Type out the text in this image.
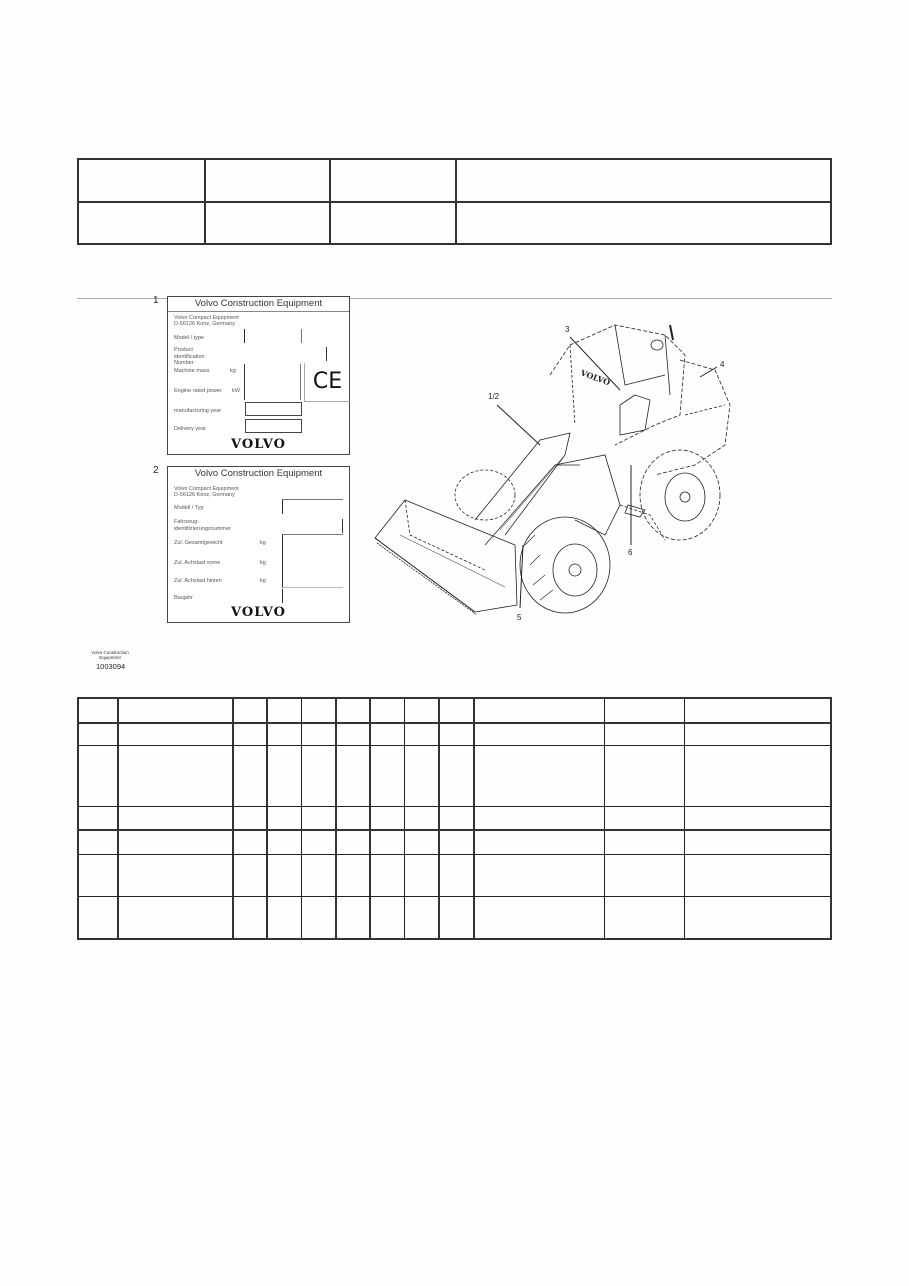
1	Volvo Construction Equipment
Volvo Compact Equipment
D-56126 Konz, Germany
Model / type
Product identification Number
Machine mass	kg
Engine rated power kW	CE
manufacturing year
Delivery year
VOLVO
2	Volvo Construction Equipment
Volvo Compact Equipment
D-56126 Konz, Germany
Modell / Typ
Fahrzeug- identifizierungsnummer
Zul. Gesamtgewicht	kg
Zul. Achslast vorne	kg
Zul. Achslast hinten	kg
Baujahr
VOLVO
Volvo Construction
Equipment
1003094
VOLVO
1/2
3
4
5
6
